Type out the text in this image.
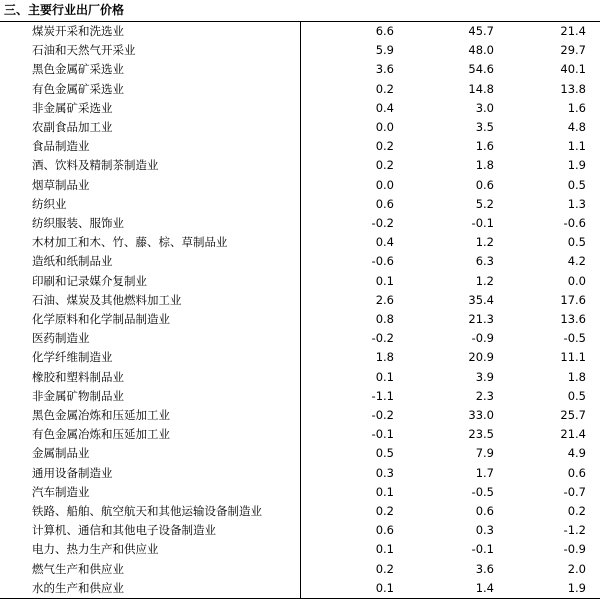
三、主要行业出厂价格
煤炭开采和洗选业	6.6	45.7	21.4
石油和天然气开采业	5.9	48.0	29.7
黑色金属矿采选业	3.6	54.6	40.1
有色金属矿采选业	0.2	14.8	13.8
非金属矿采选业	0.4	3.0	1.6
农副食品加工业	0.0	3.5	4.8
食品制造业	0.2	1.6	1.1
酒、饮料及精制茶制造业	0.2	1.8	1.9
烟草制品业	0.0	0.6	0.5
纺织业	0.6	5.2	1.3
纺织服装、服饰业	-0.2	-0.1	-0.6
木材加工和木、竹、藤、棕、草制品业	0.4	1.2	0.5
造纸和纸制品业	-0.6	6.3	4.2
印刷和记录媒介复制业	0.1	1.2	0.0
石油、煤炭及其他燃料加工业	2.6	35.4	17.6
化学原料和化学制品制造业	0.8	21.3	13.6
医药制造业	-0.2	-0.9	-0.5
化学纤维制造业	1.8	20.9	11.1
橡胶和塑料制品业	0.1	3.9	1.8
非金属矿物制品业	-1.1	2.3	0.5
黑色金属冶炼和压延加工业	-0.2	33.0	25.7
有色金属冶炼和压延加工业	-0.1	23.5	21.4
金属制品业	0.5	7.9	4.9
通用设备制造业	0.3	1.7	0.6
汽车制造业	0.1	-0.5	-0.7
铁路、船舶、航空航天和其他运输设备制造业	0.2	0.6	0.2
计算机、通信和其他电子设备制造业	0.6	0.3	-1.2
电力、热力生产和供应业	0.1	-0.1	-0.9
燃气生产和供应业	0.2	3.6	2.0
水的生产和供应业	0.1	1.4	1.9
